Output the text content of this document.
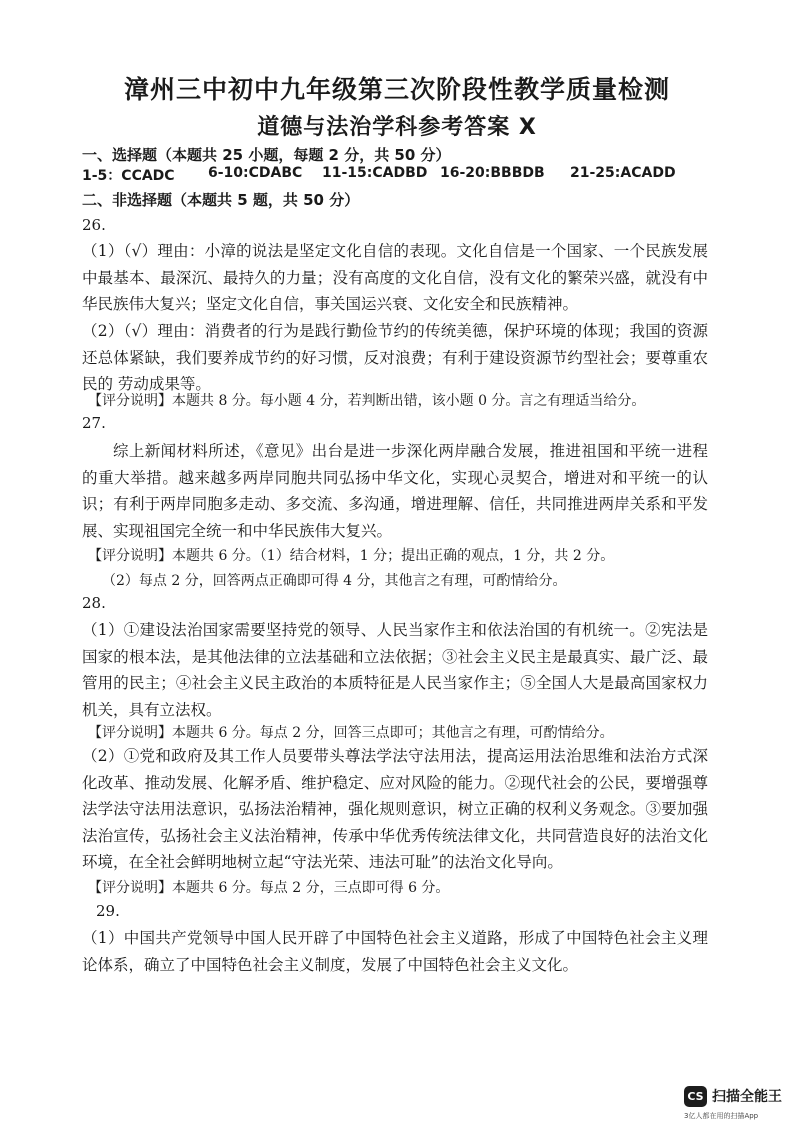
漳州三中初中九年级第三次阶段性教学质量检测
道德与法治学科参考答案 X
一、选择题（本题共 25 小题，每题 2 分，共 50 分）
1-5：CCADC 6-10:CDABC 11-15:CADBD 16-20:BBBDB 21-25:ACADD
二、非选择题（本题共 5 题，共 50 分）
26.
（1）（√）理由：小漳的说法是坚定文化自信的表现。文化自信是一个国家、一个民族发展中最基本、最深沉、最持久的力量；没有高度的文化自信，没有文化的繁荣兴盛，就没有中华民族伟大复兴；坚定文化自信，事关国运兴衰、文化安全和民族精神。
（2）（√）理由：消费者的行为是践行勤俭节约的传统美德，保护环境的体现；我国的资源还总体紧缺，我们要养成节约的好习惯，反对浪费；有利于建设资源节约型社会；要尊重农民的 劳动成果等。
【评分说明】本题共 8 分。每小题 4 分，若判断出错，该小题 0 分。言之有理适当给分。
27.
综上新闻材料所述，《意见》出台是进一步深化两岸融合发展，推进祖国和平统一进程的重大举措。越来越多两岸同胞共同弘扬中华文化，实现心灵契合，增进对和平统一的认识；有利于两岸同胞多走动、多交流、多沟通，增进理解、信任，共同推进两岸关系和平发展、实现祖国完全统一和中华民族伟大复兴。
【评分说明】本题共 6 分。（1）结合材料，1 分；提出正确的观点，1 分，共 2 分。
（2）每点 2 分，回答两点正确即可得 4 分，其他言之有理，可酌情给分。
28.
（1）①建设法治国家需要坚持党的领导、人民当家作主和依法治国的有机统一。②宪法是国家的根本法，是其他法律的立法基础和立法依据；③社会主义民主是最真实、最广泛、最管用的民主；④社会主义民主政治的本质特征是人民当家作主；⑤全国人大是最高国家权力机关，具有立法权。
【评分说明】本题共 6 分。每点 2 分，回答三点即可；其他言之有理，可酌情给分。
（2）①党和政府及其工作人员要带头尊法学法守法用法，提高运用法治思维和法治方式深化改革、推动发展、化解矛盾、维护稳定、应对风险的能力。②现代社会的公民，要增强尊法学法守法用法意识，弘扬法治精神，强化规则意识，树立正确的权利义务观念。③要加强法治宣传，弘扬社会主义法治精神，传承中华优秀传统法律文化，共同营造良好的法治文化环境，在全社会鲜明地树立起“守法光荣、违法可耻”的法治文化导向。
【评分说明】本题共 6 分。每点 2 分，三点即可得 6 分。
29.
（1）中国共产党领导中国人民开辟了中国特色社会主义道路，形成了中国特色社会主义理论体系，确立了中国特色社会主义制度，发展了中国特色社会主义文化。
CS 扫描全能王
3亿人都在用的扫描App
